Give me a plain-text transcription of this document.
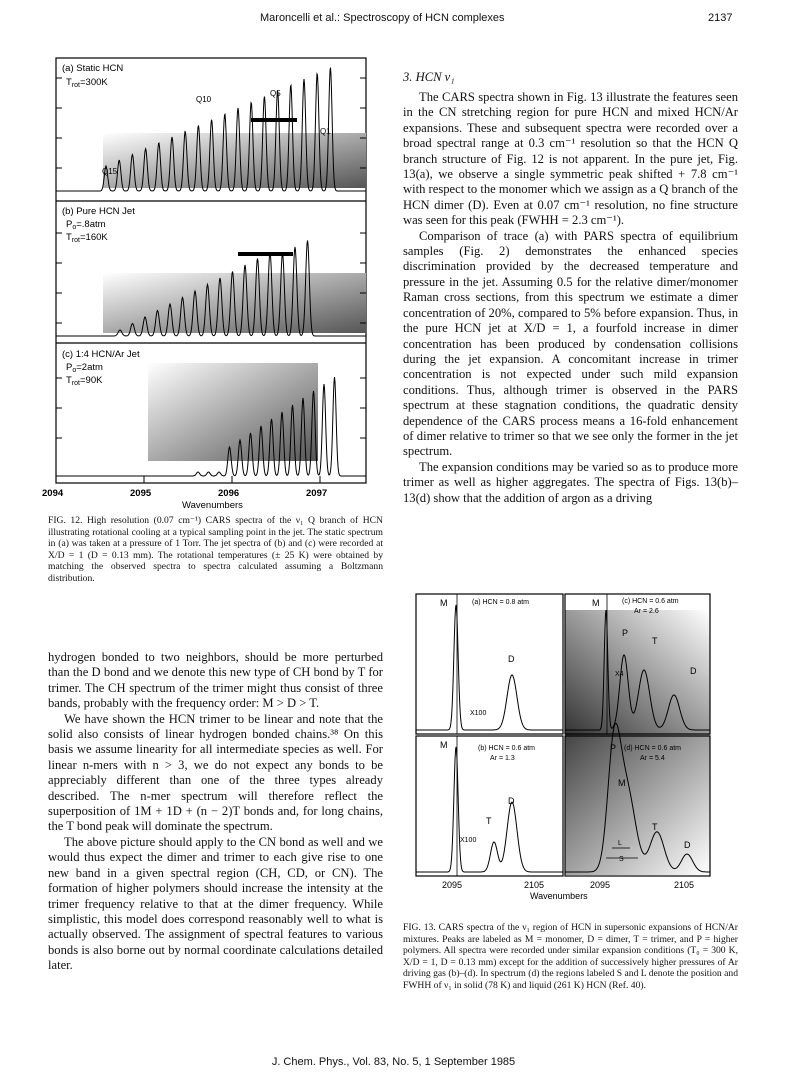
Maroncelli et al.: Spectroscopy of HCN complexes	2137
(a) Static HCN
$T_{rot}=300K$
Q10
Q5
Q1
Q15
(b) Pure HCN Jet
$P_o=.8atm$
$T_{rot}=160K$
(c) 1:4 HCN/Ar Jet
$P_o=2atm$
$T_{rot}=90K$
2094	2095	2096	2097
Wavenumbers
FIG. 12. High resolution (0.07 cm⁻¹) CARS spectra of the ν₁ Q branch of HCN illustrating rotational cooling at a typical sampling point in the jet. The static spectrum in (a) was taken at a pressure of 1 Torr. The jet spectra of (b) and (c) were recorded at X/D = 1 (D = 0.13 mm). The rotational temperatures (± 25 K) were obtained by matching the observed spectra to spectra calculated assuming a Boltzmann distribution.

hydrogen bonded to two neighbors, should be more perturbed than the D bond and we denote this new type of CH bond by T for trimer. The CH spectrum of the trimer might thus consist of three bands, probably with the frequency order: M > D > T.

We have shown the HCN trimer to be linear and note that the solid also consists of linear hydrogen bonded chains.³⁸ On this basis we assume linearity for all intermediate species as well. For linear n-mers with n > 3, we do not expect any bonds to be appreciably different than one of the three types already described. The n-mer spectrum will therefore reflect the superposition of 1M + 1D + (n − 2)T bonds and, for long chains, the T bond peak will dominate the spectrum.

The above picture should apply to the CN bond as well and we would thus expect the dimer and trimer to each give rise to one new band in a given spectral region (CH, CD, or CN). The formation of higher polymers should increase the intensity at the trimer frequency relative to that at the dimer frequency. While simplistic, this model does correspond reasonably well to what is actually observed. The assignment of spectral features to various bonds is also borne out by normal coordinate calculations detailed later.

3. HCN ν₁

The CARS spectra shown in Fig. 13 illustrate the features seen in the CN stretching region for pure HCN and mixed HCN/Ar expansions. These and subsequent spectra were recorded over a broad spectral range at 0.3 cm⁻¹ resolution so that the HCN Q branch structure of Fig. 12 is not apparent. In the pure jet, Fig. 13(a), we observe a single symmetric peak shifted + 7.8 cm⁻¹ with respect to the monomer which we assign as a Q branch of the HCN dimer (D). Even at 0.07 cm⁻¹ resolution, no fine structure was seen for this peak (FWHH = 2.3 cm⁻¹).

Comparison of trace (a) with PARS spectra of equilibrium samples (Fig. 2) demonstrates the enhanced species discrimination provided by the decreased temperature and pressure in the jet. Assuming 0.5 for the relative dimer/monomer Raman cross sections, from this spectrum we estimate a dimer concentration of 20%, compared to 5% before expansion. Thus, in the pure HCN jet at X/D = 1, a fourfold increase in dimer concentration has been produced by condensation collisions during the jet expansion. A concomitant increase in trimer concentration is not expected under such mild expansion conditions. Thus, although trimer is observed in the PARS spectrum at these stagnation conditions, the quadratic density dependence of the CARS process means a 16-fold enhancement of dimer relative to trimer so that we see only the former in the jet spectrum.

The expansion conditions may be varied so as to produce more trimer as well as higher aggregates. The spectra of Figs. 13(b)–13(d) show that the addition of argon as a driving

M	(a) HCN = 0.8 atm
D
X100
M	(c) HCN = 0.6 atm
Ar = 2.6
P
T
D
X4
M	(b) HCN = 0.6 atm
Ar = 1.3
D
T
X100
P (d) HCN = 0.6 atm
Ar = 5.4
M
T
D
L
S
2095	2105	2095	2105
Wavenumbers
FIG. 13. CARS spectra of the ν₁ region of HCN in supersonic expansions of HCN/Ar mixtures. Peaks are labeled as M = monomer, D = dimer, T = trimer, and P = higher polymers. All spectra were recorded under similar expansion conditions (T₀ = 300 K, X/D = 1, D = 0.13 mm) except for the addition of successively higher pressures of Ar driving gas (b)–(d). In spectrum (d) the regions labeled S and L denote the position and FWHH of ν₁ in solid (78 K) and liquid (261 K) HCN (Ref. 40).
J. Chem. Phys., Vol. 83, No. 5, 1 September 1985
